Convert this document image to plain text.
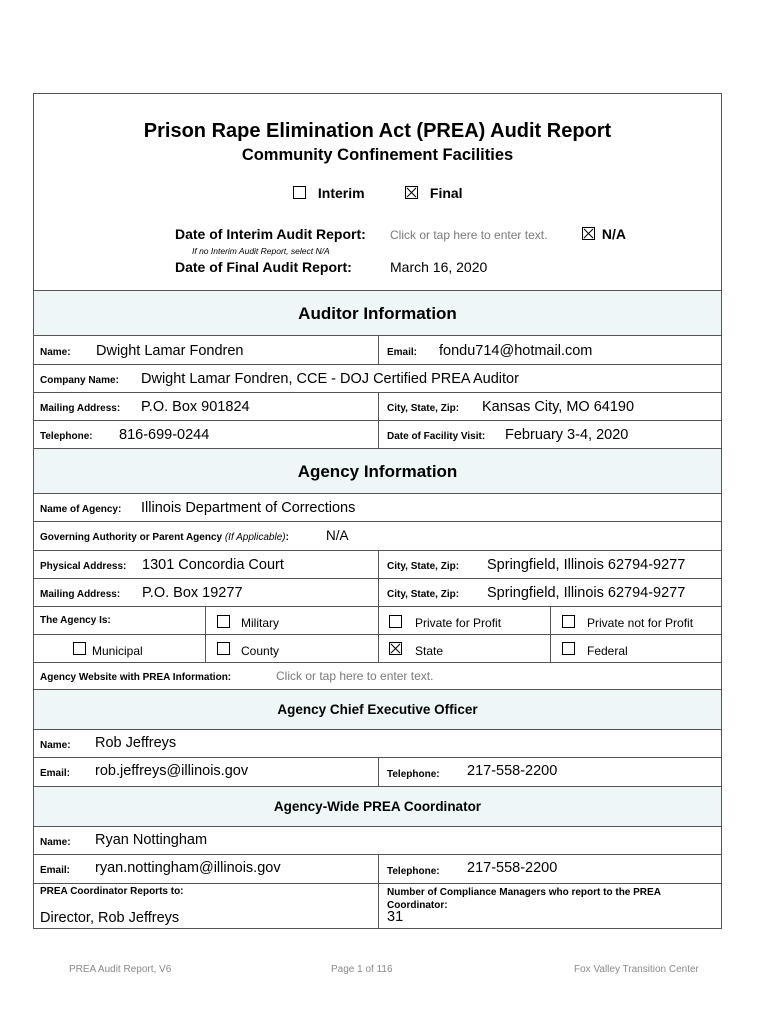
Prison Rape Elimination Act (PREA) Audit Report
Community Confinement Facilities
Interim	Final
Date of Interim Audit Report: Click or tap here to enter text.	N/A
If no Interim Audit Report, select N/A
Date of Final Audit Report:	March 16, 2020
Auditor Information
Name: Dwight Lamar Fondren	Email: fondu714@hotmail.com
Company Name: Dwight Lamar Fondren, CCE - DOJ Certified PREA Auditor
Mailing Address: P.O. Box 901824	City, State, Zip: Kansas City, MO 64190
Telephone: 816-699-0244	Date of Facility Visit: February 3-4, 2020
Agency Information
Name of Agency: Illinois Department of Corrections
Governing Authority or Parent Agency (If Applicable):	N/A
Physical Address: 1301 Concordia Court	City, State, Zip: Springfield, Illinois 62794-9277
Mailing Address: P.O. Box 19277	City, State, Zip: Springfield, Illinois 62794-9277
The Agency Is:	Military	Private for Profit	Private not for Profit
Municipal	County	State	Federal
Agency Website with PREA Information:	Click or tap here to enter text.
Agency Chief Executive Officer
Name: Rob Jeffreys
Email: rob.jeffreys@illinois.gov	Telephone: 217-558-2200
Agency-Wide PREA Coordinator
Name: Ryan Nottingham
Email: ryan.nottingham@illinois.gov	Telephone: 217-558-2200
PREA Coordinator Reports to:
Director, Rob Jeffreys
Number of Compliance Managers who report to the PREA Coordinator:
31
PREA Audit Report, V6	Page 1 of 116	Fox Valley Transition Center
